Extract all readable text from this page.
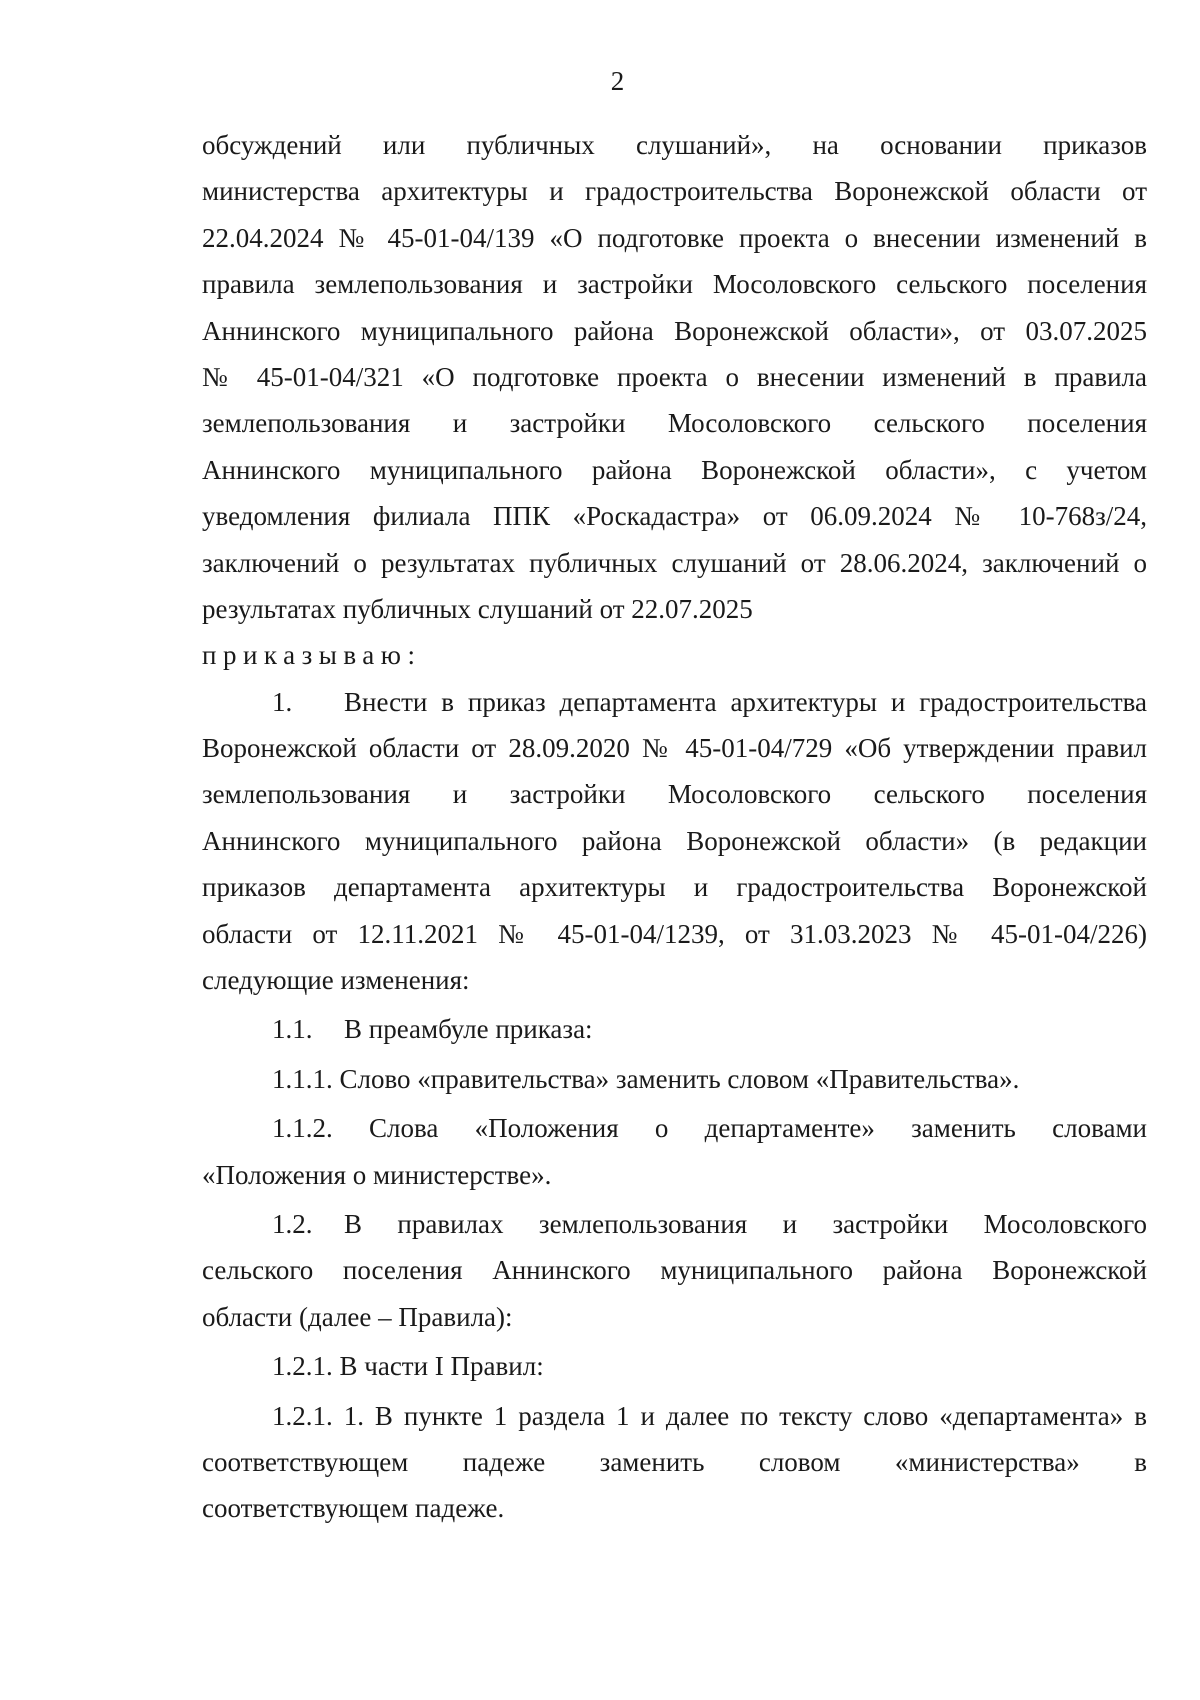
2
обсуждений или публичных слушаний», на основании приказов
министерства архитектуры и градостроительства Воронежской области от
22.04.2024 № 45-01-04/139 «О подготовке проекта о внесении изменений в
правила землепользования и застройки Мосоловского сельского поселения
Аннинского муниципального района Воронежской области», от 03.07.2025
№ 45-01-04/321 «О подготовке проекта о внесении изменений в правила
землепользования и застройки Мосоловского сельского поселения
Аннинского муниципального района Воронежской области», с учетом
уведомления филиала ППК «Роскадастра» от 06.09.2024 № 10-768з/24,
заключений о результатах публичных слушаний от 28.06.2024, заключений о
результатах публичных слушаний от 22.07.2025
приказываю:
1. Внести в приказ департамента архитектуры и градостроительства
Воронежской области от 28.09.2020 № 45-01-04/729 «Об утверждении правил
землепользования и застройки Мосоловского сельского поселения
Аннинского муниципального района Воронежской области» (в редакции
приказов департамента архитектуры и градостроительства Воронежской
области от 12.11.2021 № 45-01-04/1239, от 31.03.2023 № 45-01-04/226)
следующие изменения:
1.1. В преамбуле приказа:
1.1.1. Слово «правительства» заменить словом «Правительства».
1.1.2. Слова «Положения о департаменте» заменить словами
«Положения о министерстве».
1.2. В правилах землепользования и застройки Мосоловского
сельского поселения Аннинского муниципального района Воронежской
области (далее – Правила):
1.2.1. В части I Правил:
1.2.1. 1. В пункте 1 раздела 1 и далее по тексту слово «департамента» в
соответствующем падеже заменить словом «министерства» в
соответствующем падеже.
